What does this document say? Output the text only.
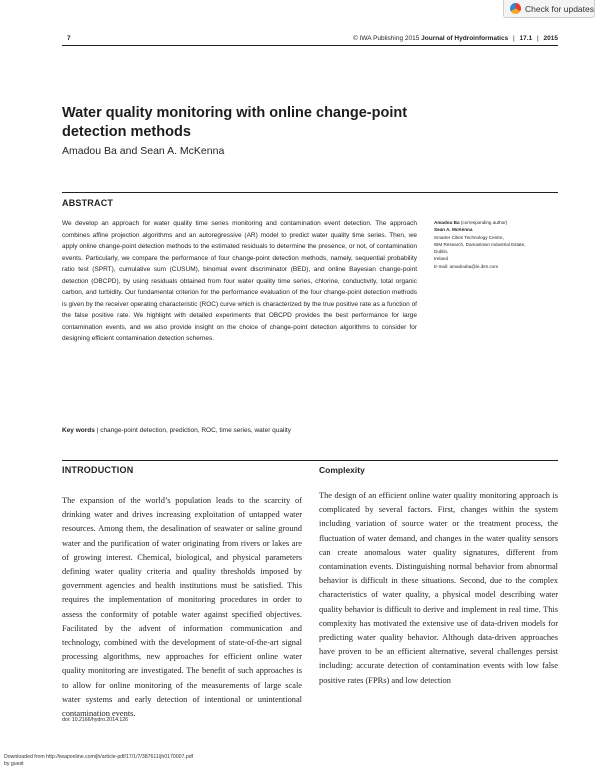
Check for updates
7	© IWA Publishing 2015 Journal of Hydroinformatics | 17.1 | 2015
Water quality monitoring with online change-point detection methods
Amadou Ba and Sean A. McKenna
ABSTRACT

We develop an approach for water quality time series monitoring and contamination event detection. The approach combines affine projection algorithms and an autoregressive (AR) model to predict water quality time series. Then, we apply online change-point detection methods to the estimated residuals to determine the presence, or not, of contamination events. Particularly, we compare the performance of four change-point detection methods, namely, sequential probability ratio test (SPRT), cumulative sum (CUSUM), binomial event discriminator (BED), and online Bayesian change-point detection (OBCPD), by using residuals obtained from four water quality time series, chlorine, conductivity, total organic carbon, and turbidity. Our fundamental criterion for the performance evaluation of the four change-point detection methods is given by the receiver operating characteristic (ROC) curve which is characterized by the true positive rate as a function of the false positive rate. We highlight with detailed experiments that OBCPD provides the best performance for large contamination events, and we also provide insight on the choice of change-point detection algorithms to consider for designing efficient contamination detection schemes.

Key words | change-point detection, prediction, ROC, time series, water quality
Amadou Ba (corresponding author)
Sean A. McKenna
Smarter Cities Technology Centre,
IBM Research, Damastown Industrial Estate,
Dublin,
Ireland
E-mail: amadouba@ie.ibm.com
INTRODUCTION

The expansion of the world’s population leads to the scarcity of drinking water and drives increasing exploitation of untapped water resources. Among them, the desalination of seawater or saline ground water and the purification of water originating from rivers or lakes are of growing interest. Chemical, biological, and physical parameters defining water quality criteria and quality thresholds imposed by government agencies and health institutions must be satisfied. This requires the implementation of monitoring procedures in order to assess the conformity of potable water against specified objectives. Facilitated by the advent of information communication and technology, combined with the development of state-of-the-art signal processing algorithms, new approaches for efficient online water quality monitoring are investigated. The benefit of such approaches is to allow for online monitoring of the measurements of large scale water systems and early detection of intentional or unintentional contamination events.

Complexity

The design of an efficient online water quality monitoring approach is complicated by several factors. First, changes within the system including variation of source water or the treatment process, the fluctuation of water demand, and changes in the water quality sensors can create anomalous water quality signatures, different from contamination events. Distinguishing normal behavior from abnormal behavior is difficult in these situations. Second, due to the complex characteristics of water quality, a physical model describing water quality behavior is difficult to derive and implement in real time. This complexity has motivated the extensive use of data-driven models for predicting water quality behavior. Although data-driven approaches have proven to be an efficient alternative, several challenges persist including: accurate detection of contamination events with low false positive rates (FPRs) and low detection

doi: 10.2166/hydro.2014.126
Downloaded from http://iwaponline.com/jh/article-pdf/17/1/7/387611/jh0170007.pdf
by guest
